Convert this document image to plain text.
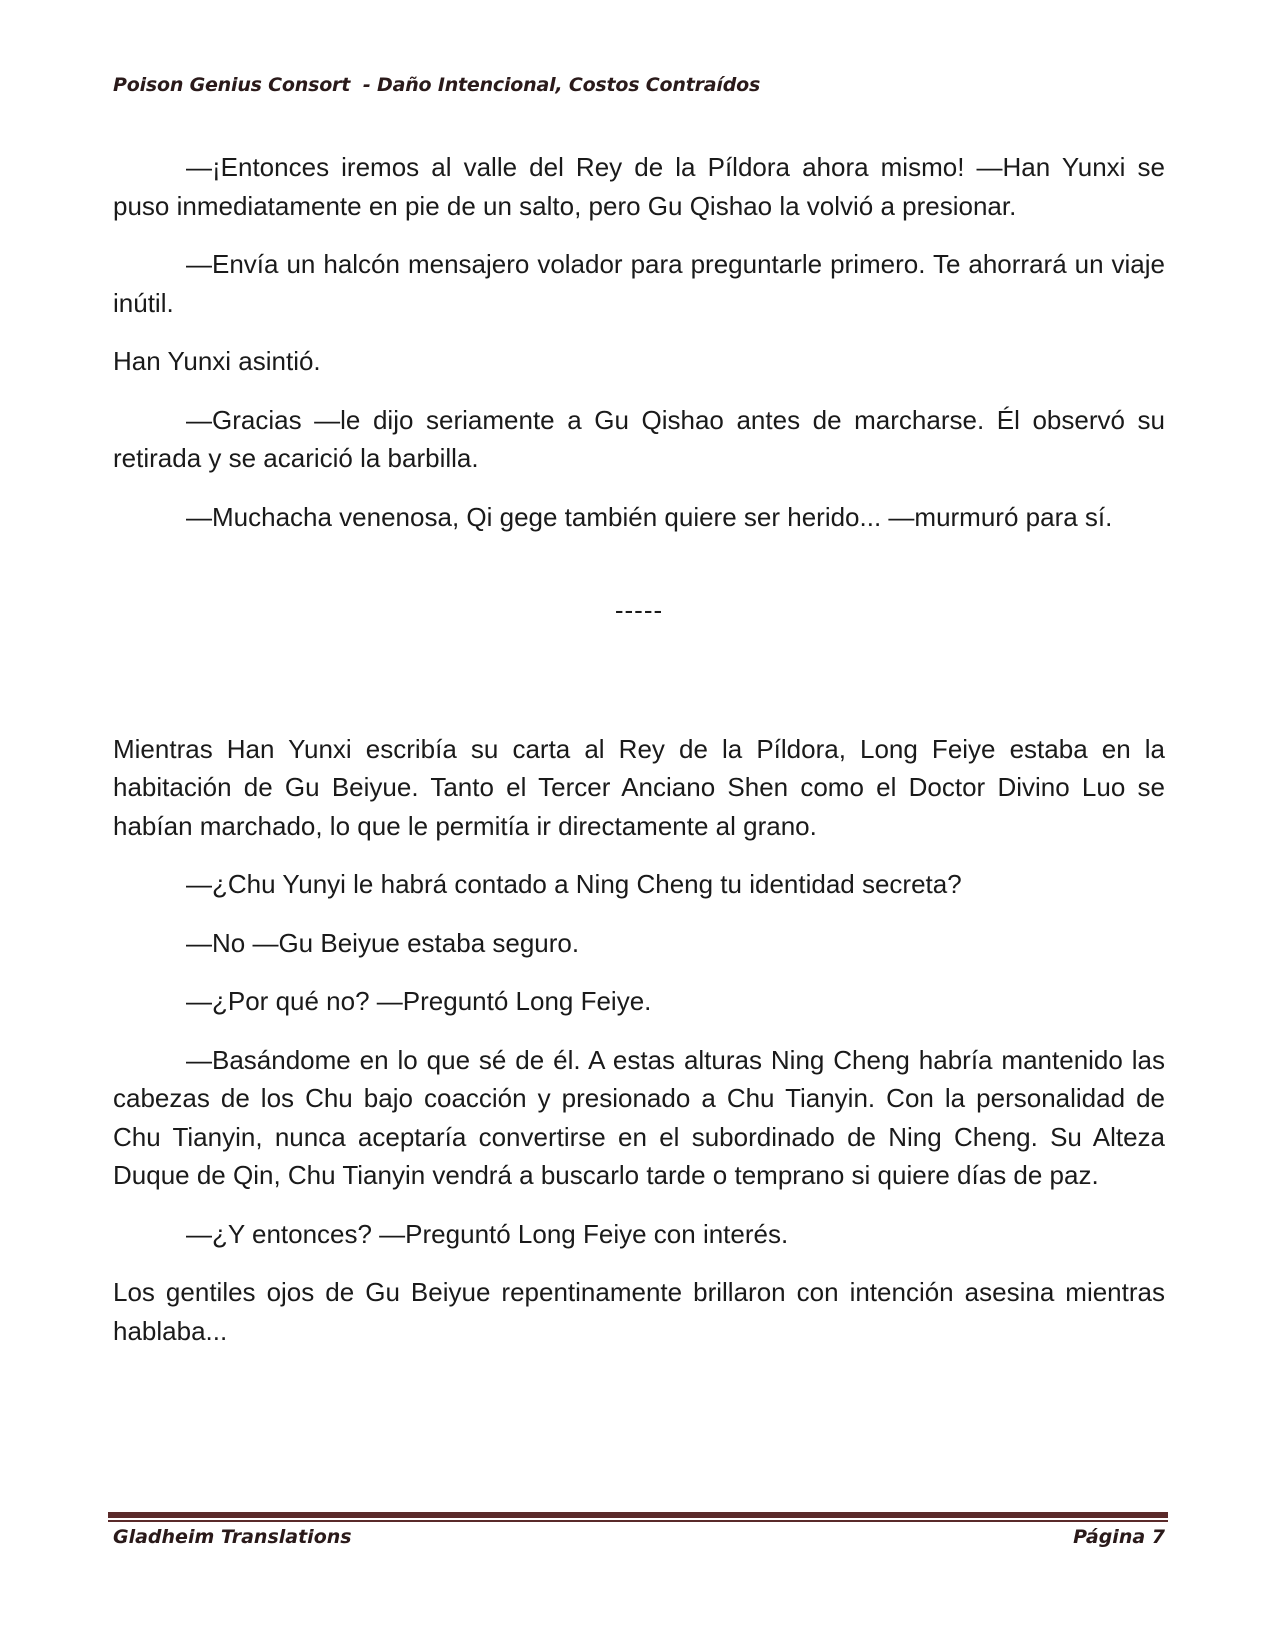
Poison Genius Consort  - Daño Intencional, Costos Contraídos

—¡Entonces iremos al valle del Rey de la Píldora ahora mismo! —Han Yunxi se puso inmediatamente en pie de un salto, pero Gu Qishao la volvió a presionar.

—Envía un halcón mensajero volador para preguntarle primero. Te ahorrará un viaje inútil.

Han Yunxi asintió.

—Gracias —le dijo seriamente a Gu Qishao antes de marcharse. Él observó su retirada y se acarició la barbilla.

—Muchacha venenosa, Qi gege también quiere ser herido... —murmuró para sí.

-----

Mientras Han Yunxi escribía su carta al Rey de la Píldora, Long Feiye estaba en la habitación de Gu Beiyue. Tanto el Tercer Anciano Shen como el Doctor Divino Luo se habían marchado, lo que le permitía ir directamente al grano.

—¿Chu Yunyi le habrá contado a Ning Cheng tu identidad secreta?

—No —Gu Beiyue estaba seguro.

—¿Por qué no? —Preguntó Long Feiye.

—Basándome en lo que sé de él. A estas alturas Ning Cheng habría mantenido las cabezas de los Chu bajo coacción y presionado a Chu Tianyin. Con la personalidad de Chu Tianyin, nunca aceptaría convertirse en el subordinado de Ning Cheng. Su Alteza Duque de Qin, Chu Tianyin vendrá a buscarlo tarde o temprano si quiere días de paz.

—¿Y entonces? —Preguntó Long Feiye con interés.

Los gentiles ojos de Gu Beiyue repentinamente brillaron con intención asesina mientras hablaba...

Gladheim Translations	Página 7
